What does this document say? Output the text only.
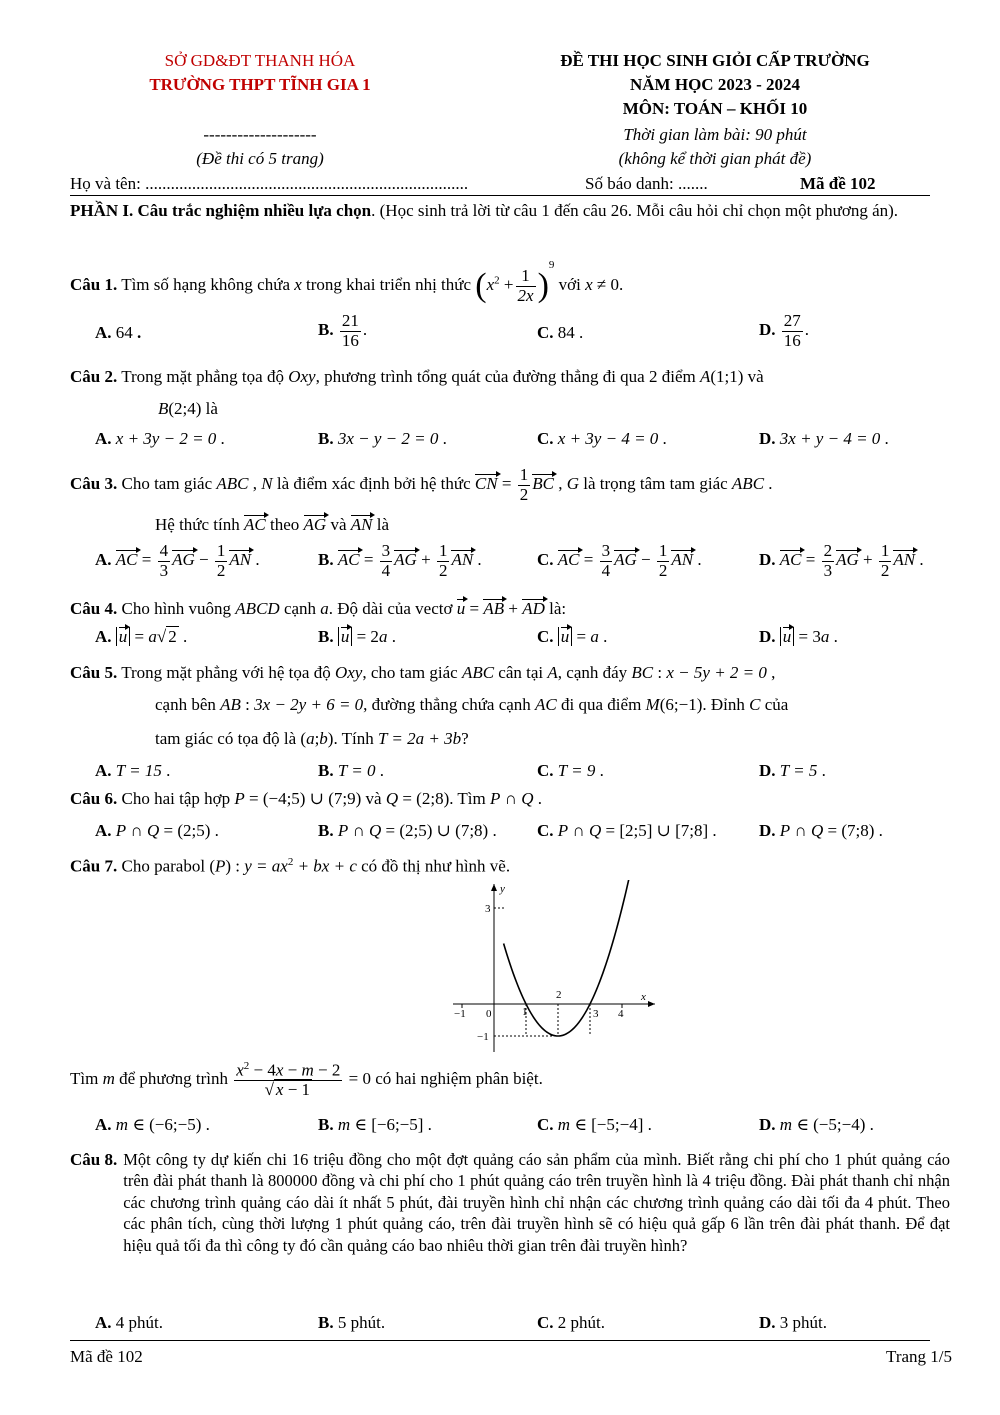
SỞ GD&ĐT THANH HÓA
TRƯỜNG THPT TĨNH GIA 1
ĐỀ THI HỌC SINH GIỎI CẤP TRƯỜNG
NĂM HỌC 2023 - 2024
MÔN: TOÁN – KHỐI 10
--------------------	Thời gian làm bài: 90 phút
(Đề thi có 5 trang)	(không kể thời gian phát đề)
Họ và tên: ............................................................................	Số báo danh: .......	Mã đề 102
PHẦN I. Câu trắc nghiệm nhiều lựa chọn. (Học sinh trả lời từ câu 1 đến câu 26. Mỗi câu hỏi chỉ chọn một phương án).
Câu 1. Tìm số hạng không chứa x trong khai triển nhị thức $(x^2 + \frac{1}{2x} )^9$ với x ≠ 0.
A. 64 .	B. $\frac{21}{16}$ .	C. 84 .	D. $\frac{27}{16}$ .
Câu 2. Trong mặt phẳng tọa độ Oxy, phương trình tổng quát của đường thẳng đi qua 2 điểm A(1;1) và
B(2;4) là
A. x + 3y − 2 = 0 .	B. 3x − y − 2 = 0 .	C. x + 3y − 4 = 0 .	D. 3x + y − 4 = 0 .
Câu 3. Cho tam giác ABC , N là điểm xác định bởi hệ thức CN = $\frac{1}{2}$ BC , G là trọng tâm tam giác ABC .
Hệ thức tính AC theo AG và AN là
A. AC = $\frac{4}{3}$ AG − $\frac{1}{2}$ AN .	B. AC = $\frac{3}{4}$ AG + $\frac{1}{2}$ AN .	C. AC = $\frac{3}{4}$ AG − $\frac{1}{2}$ AN .	D. AC = $\frac{2}{3}$ AG + $\frac{1}{2}$ AN .
Câu 4. Cho hình vuông ABCD cạnh a. Độ dài của vectơ u = AB + AD là:
A. u = a√ 2 .	B. u = 2a .	C. u = a .	D. u = 3a .
Câu 5. Trong mặt phẳng với hệ tọa độ Oxy, cho tam giác ABC cân tại A, cạnh đáy BC : x − 5y + 2 = 0 ,
cạnh bên AB : 3x − 2y + 6 = 0, đường thẳng chứa cạnh AC đi qua điểm M(6;−1). Đỉnh C của
tam giác có tọa độ là (a;b). Tính T = 2a + 3b?
A. T = 15 .	B. T = 0 .	C. T = 9 .	D. T = 5 .
Câu 6. Cho hai tập hợp P = (−4;5) ∪ (7;9) và Q = (2;8). Tìm P ∩ Q .
A. P ∩ Q = (2;5) .	B. P ∩ Q = (2;5) ∪ (7;8) . C. P ∩ Q = [2;5] ∪ [7;8] . D. P ∩ Q = (7;8) .
Câu 7. Cho parabol (P) : $y = ax^2$ + bx + c có đồ thị như hình vẽ.
y
3
2	x
−1 0	1	3 4
−1
Tìm m để phương trình $\frac{x^2 - 4x - m - 2}{√ x - 1} = 0$ có hai nghiệm phân biệt.
A. m ∈ (−6;−5) .	B. m ∈ [−6;−5] .	C. m ∈ [−5;−4] .	D. m ∈ (−5;−4) .
Câu 8. Một công ty dự kiến chi 16 triệu đồng cho một đợt quảng cáo sản phẩm của mình. Biết rằng chi phí cho 1 phút quảng cáo trên đài phát thanh là 800000 đồng và chi phí cho 1 phút quảng cáo trên truyền hình là 4 triệu đồng. Đài phát thanh chỉ nhận các chương trình quảng cáo dài ít nhất 5 phút, đài truyền hình chỉ nhận các chương trình quảng cáo dài tối đa 4 phút. Theo các phân tích, cùng thời lượng 1 phút quảng cáo, trên đài truyền hình sẽ có hiệu quả gấp 6 lần trên đài phát thanh. Để đạt hiệu quả tối đa thì công ty đó cần quảng cáo bao nhiêu thời gian trên đài truyền hình?
A. 4 phút.	B. 5 phút.	C. 2 phút.	D. 3 phút.
Mã đề 102	Trang 1/5
